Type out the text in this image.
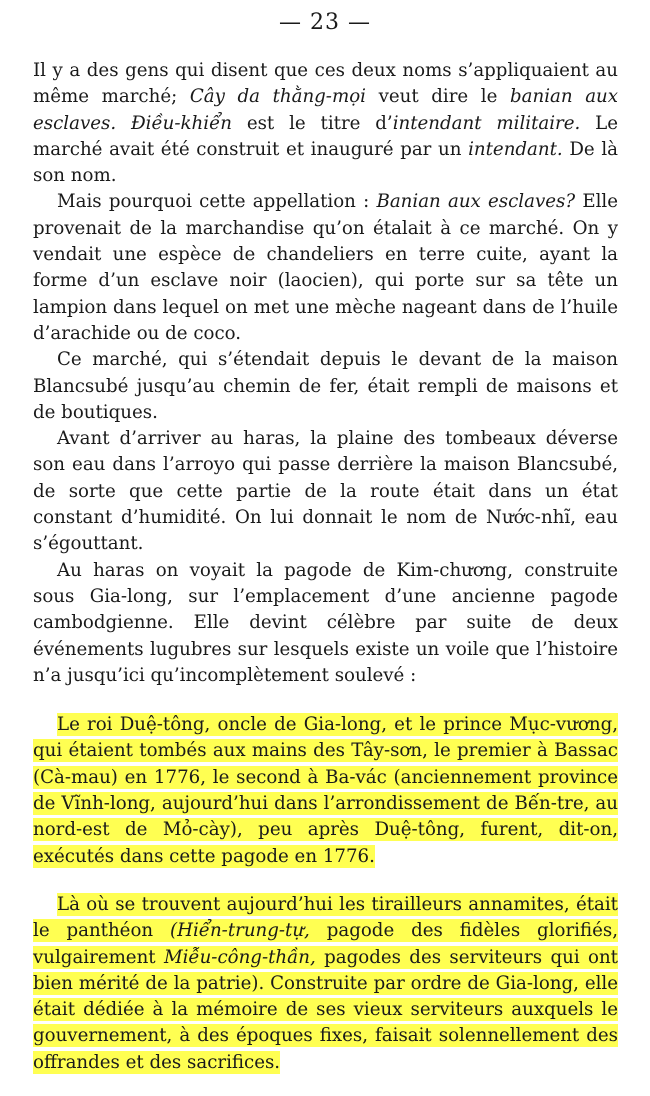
— 23 —

Il y a des gens qui disent que ces deux noms s’appliquaient au même marché; Cây da thằng-mọi veut dire le banian aux esclaves. Điều-khiển est le titre d’intendant militaire. Le marché avait été construit et inauguré par un intendant. De là son nom.

Mais pourquoi cette appellation : Banian aux esclaves? Elle provenait de la marchandise qu’on étalait à ce marché. On y vendait une espèce de chandeliers en terre cuite, ayant la forme d’un esclave noir (laocien), qui porte sur sa tête un lampion dans lequel on met une mèche nageant dans de l’huile d’arachide ou de coco.

Ce marché, qui s’étendait depuis le devant de la maison Blancsubé jusqu’au chemin de fer, était rempli de maisons et de boutiques.

Avant d’arriver au haras, la plaine des tombeaux déverse son eau dans l’arroyo qui passe derrière la maison Blancsubé, de sorte que cette partie de la route était dans un état constant d’humidité. On lui donnait le nom de Nước-nhĩ, eau s’égouttant.

Au haras on voyait la pagode de Kim-chương, construite sous Gia-long, sur l’emplacement d’une ancienne pagode cambodgienne. Elle devint célèbre par suite de deux événements lugubres sur lesquels existe un voile que l’histoire n’a jusqu’ici qu’incomplètement soulevé :

Le roi Duệ-tông, oncle de Gia-long, et le prince Mục-vương, qui étaient tombés aux mains des Tây-sơn, le premier à Bassac (Cà-mau) en 1776, le second à Ba-vác (anciennement province de Vĩnh-long, aujourd’hui dans l’arrondissement de Bến-tre, au nord-est de Mỏ-cày), peu après Duệ-tông, furent, dit-on, exécutés dans cette pagode en 1776.

Là où se trouvent aujourd’hui les tirailleurs annamites, était le panthéon (Hiển-trung-tự, pagode des fidèles glorifiés, vulgairement Miễu-công-thần, pagodes des serviteurs qui ont bien mérité de la patrie). Construite par ordre de Gia-long, elle était dédiée à la mémoire de ses vieux serviteurs auxquels le gouvernement, à des époques fixes, faisait solennellement des offrandes et des sacrifices.
